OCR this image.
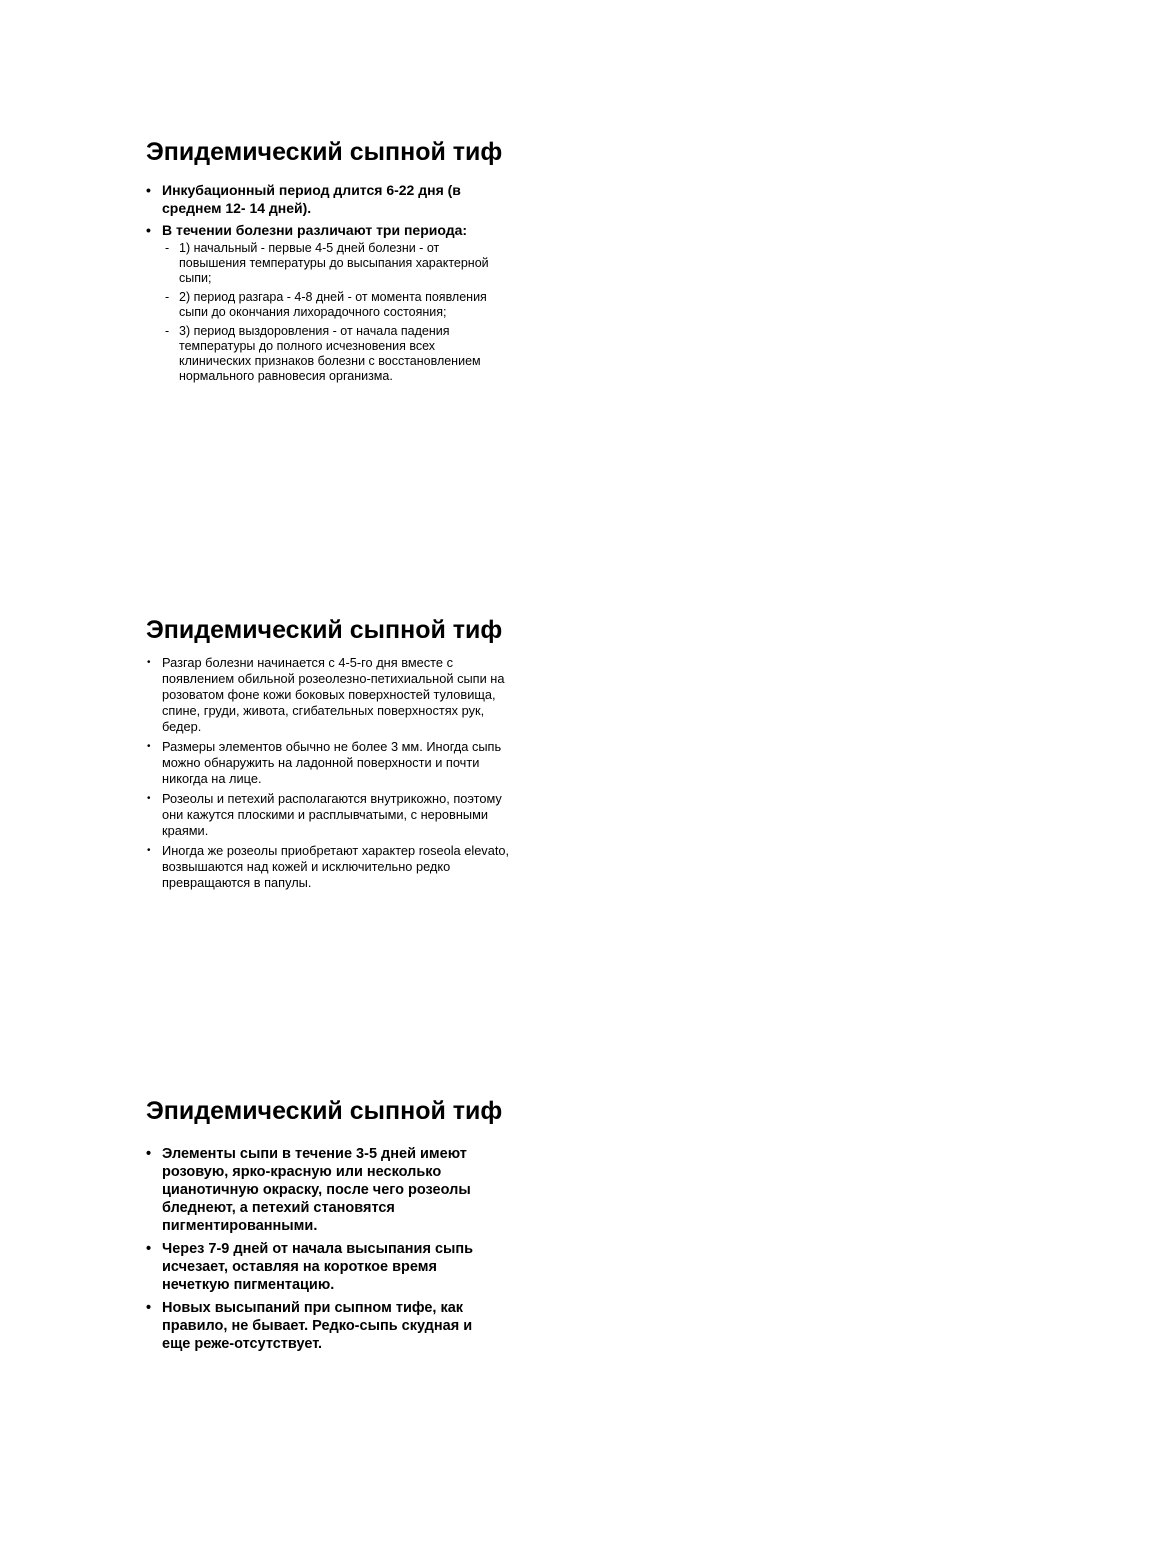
Эпидемический сыпной тиф
• Инкубационный период длится 6-22 дня (в среднем 12- 14 дней).
• В течении болезни различают три периода:
- 1) начальный - первые 4-5 дней болезни - от повышения температуры до высыпания характерной сыпи;
- 2) период разгара - 4-8 дней - от момента появления сыпи до окончания лихорадочного состояния;
- 3) период выздоровления - от начала падения температуры до полного исчезновения всех клинических признаков болезни с восстановлением нормального равновесия организма.
Эпидемический сыпной тиф
• Разгар болезни начинается с 4-5-го дня вместе с появлением обильной розеолезно-петихиальной сыпи на розоватом фоне кожи боковых поверхностей туловища, спине, груди, живота, сгибательных поверхностях рук, бедер.
• Размеры элементов обычно не более 3 мм. Иногда сыпь можно обнаружить на ладонной поверхности и почти никогда на лице.
• Розеолы и петехий располагаются внутрикожно, поэтому они кажутся плоскими и расплывчатыми, с неровными краями.
• Иногда же розеолы приобретают характер roseola elevato, возвышаются над кожей и исключительно редко превращаются в папулы.
Эпидемический сыпной тиф
• Элементы сыпи в течение 3-5 дней имеют розовую, ярко-красную или несколько цианотичную окраску, после чего розеолы бледнеют, а петехий становятся пигментированными.
• Через 7-9 дней от начала высыпания сыпь исчезает, оставляя на короткое время нечеткую пигментацию.
• Новых высыпаний при сыпном тифе, как правило, не бывает. Редко-сыпь скудная и еще реже-отсутствует.
